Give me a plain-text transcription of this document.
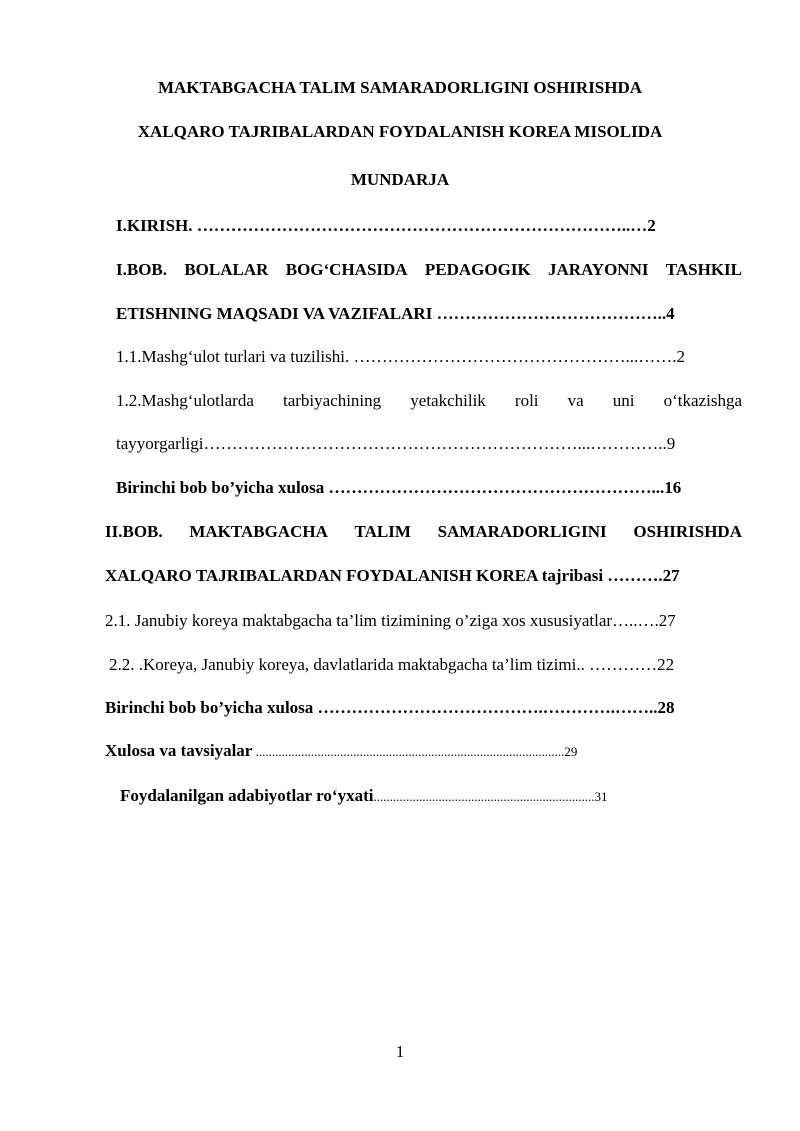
MAKTABGACHA TALIM SAMARADORLIGINI OSHIRISHDA
XALQARO TAJRIBALARDAN FOYDALANISH KOREA MISOLIDA
MUNDARJA
I.KIRISH. …………………………………………………………………..…2
I.BOB. BOLALAR BOG‘CHASIDA PEDAGOGIK JARAYONNI TASHKIL
ETISHNING MAQSADI VA VAZIFALARI …………………………………..4
1.1.Mashg‘ulot turlari va tuzilishi. …………………………………………...…….2
1.2.Mashg‘ulotlarda tarbiyachining yetakchilik roli va uni o‘tkazishga
tayyorgarligi…………………………………………………………...…………..9
Birinchi bob bo’yicha xulosa …………………………………………………...16
II.BOB. MAKTABGACHA TALIM SAMARADORLIGINI OSHIRISHDA
XALQARO TAJRIBALARDAN FOYDALANISH KOREA tajribasi ……….27
2.1. Janubiy koreya maktabgacha ta’lim tizimining o’ziga xos xususiyatlar…..….27
2.2. .Koreya, Janubiy koreya, davlatlarida maktabgacha ta’lim tizimi.. …………22
Birinchi bob bo’yicha xulosa ………………………………….………….……..28
Xulosa va tavsiyalar ...............................................................................................29
Foydalanilgan adabiyotlar ro‘yxati....................................................................31
1
